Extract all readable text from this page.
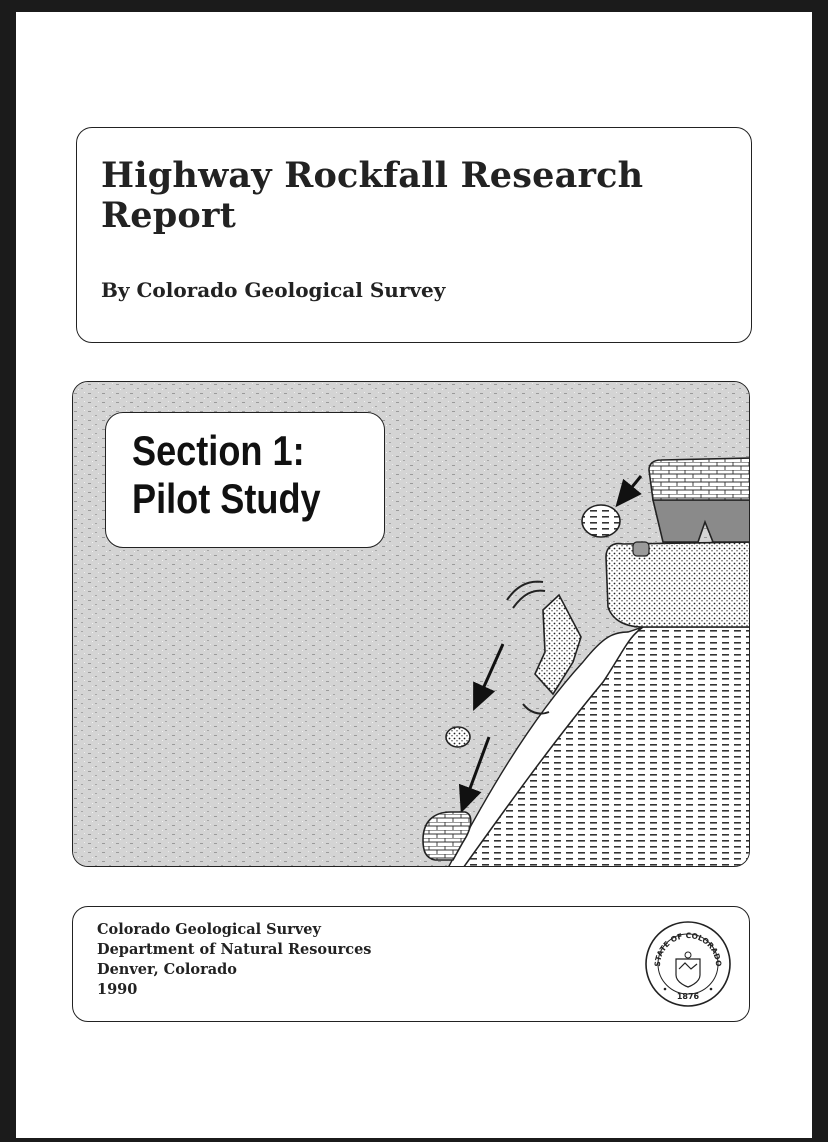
Highway Rockfall Research Report
By Colorado Geological Survey
Section 1:
Pilot Study
Colorado Geological Survey
Department of Natural Resources
Denver, Colorado
1990
STATE OF COLORADO
1876
